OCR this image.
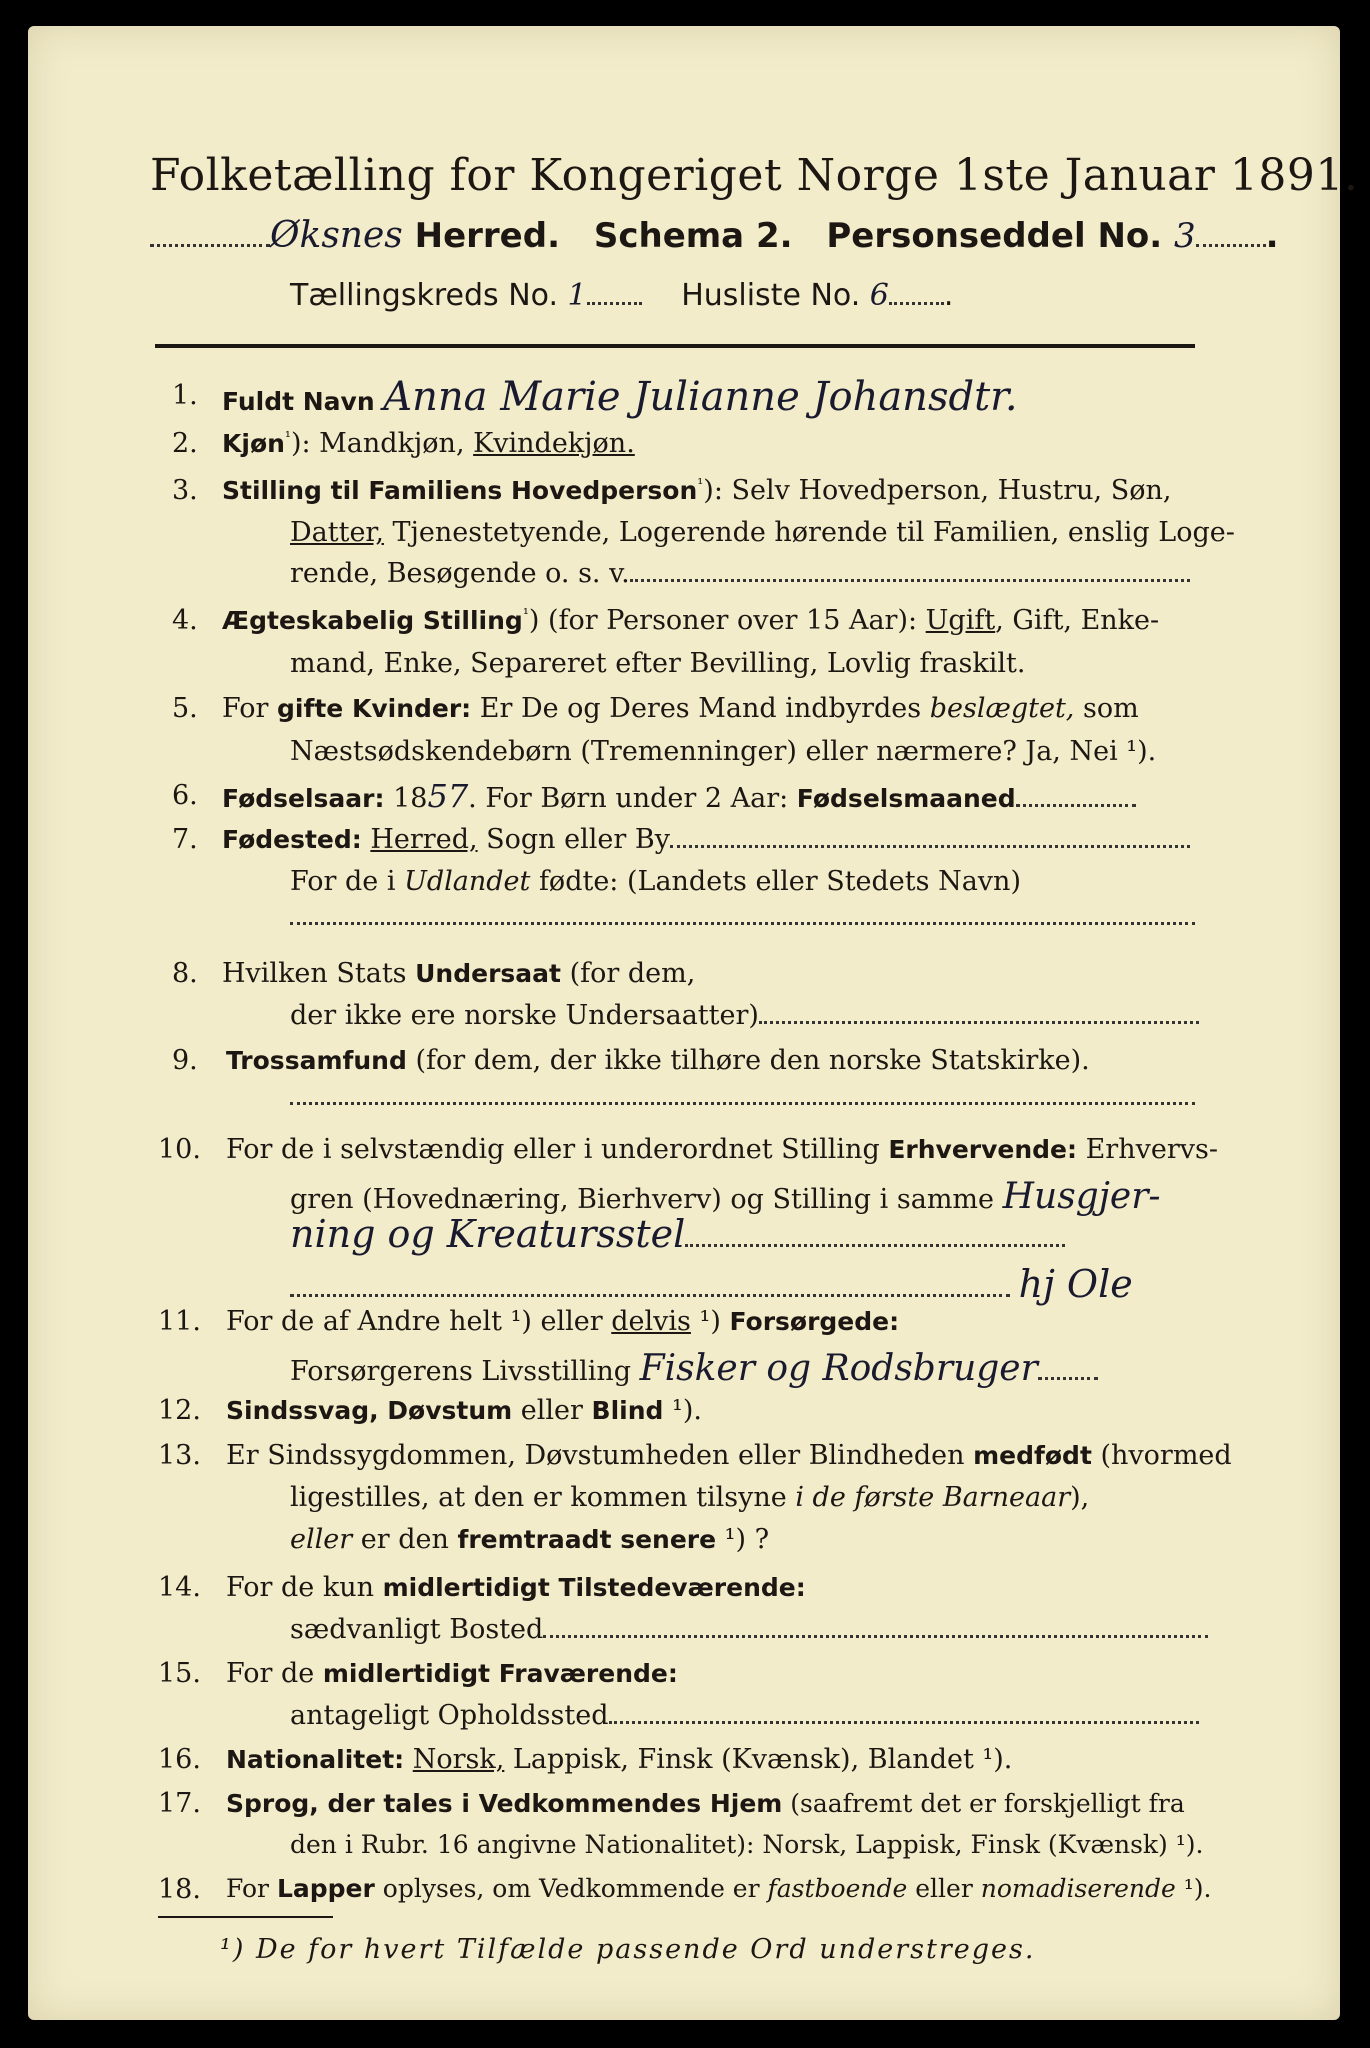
Folketælling for Kongeriget Norge 1ste Januar 1891.
Øksnes Herred. Schema 2. Personseddel No. 3 .
Tællingskreds No. 1	Husliste No. 6 .
1. Fuldt Navn Anna Marie Julianne Johansdtr.
2. Kjøn$^{^1}$): Mandkjøn, Kvindekjøn.
3. Stilling til Familiens Hovedperson$^{^1}$): Selv Hovedperson, Hustru, Søn,
Datter, Tjenestetyende, Logerende hørende til Familien, enslig Loge-
rende, Besøgende o. s. v.
4. Ægteskabelig Stilling$^{^1}$) (for Personer over 15 Aar): Ugift, Gift, Enke-
mand, Enke, Separeret efter Bevilling, Lovlig fraskilt.
5. For gifte Kvinder: Er De og Deres Mand indbyrdes beslægtet, som
Næstsødskendebørn (Tremenninger) eller nærmere? Ja, Nei ¹).
6. Fødselsaar: 1857. For Børn under 2 Aar: Fødselsmaaned
7. Fødested: Herred, Sogn eller By
For de i Udlandet fødte: (Landets eller Stedets Navn)
8. Hvilken Stats Undersaat (for dem,
der ikke ere norske Undersaatter)
9. Trossamfund (for dem, der ikke tilhøre den norske Statskirke).
10. For de i selvstændig eller i underordnet Stilling Erhvervende: Erhvervs-
gren (Hovednæring, Bierhverv) og Stilling i samme Husgjer-
ning og Kreatursstel
hj Ole
11. For de af Andre helt ¹) eller delvis ¹) Forsørgede:
Forsørgerens Livsstilling Fisker og Rodsbruger
12. Sindssvag, Døvstum eller Blind ¹).
13. Er Sindssygdommen, Døvstumheden eller Blindheden medfødt (hvormed
ligestilles, at den er kommen tilsyne i de første Barneaar),
eller er den fremtraadt senere ¹) ?
14. For de kun midlertidigt Tilstedeværende:
sædvanligt Bosted
15. For de midlertidigt Fraværende:
antageligt Opholdssted
16. Nationalitet: Norsk, Lappisk, Finsk (Kvænsk), Blandet ¹).
17. Sprog, der tales i Vedkommendes Hjem (saafremt det er forskjelligt fra
den i Rubr. 16 angivne Nationalitet): Norsk, Lappisk, Finsk (Kvænsk) ¹).
18. For Lapper oplyses, om Vedkommende er fastboende eller nomadiserende ¹).
¹) De for hvert Tilfælde passende Ord understreges.
